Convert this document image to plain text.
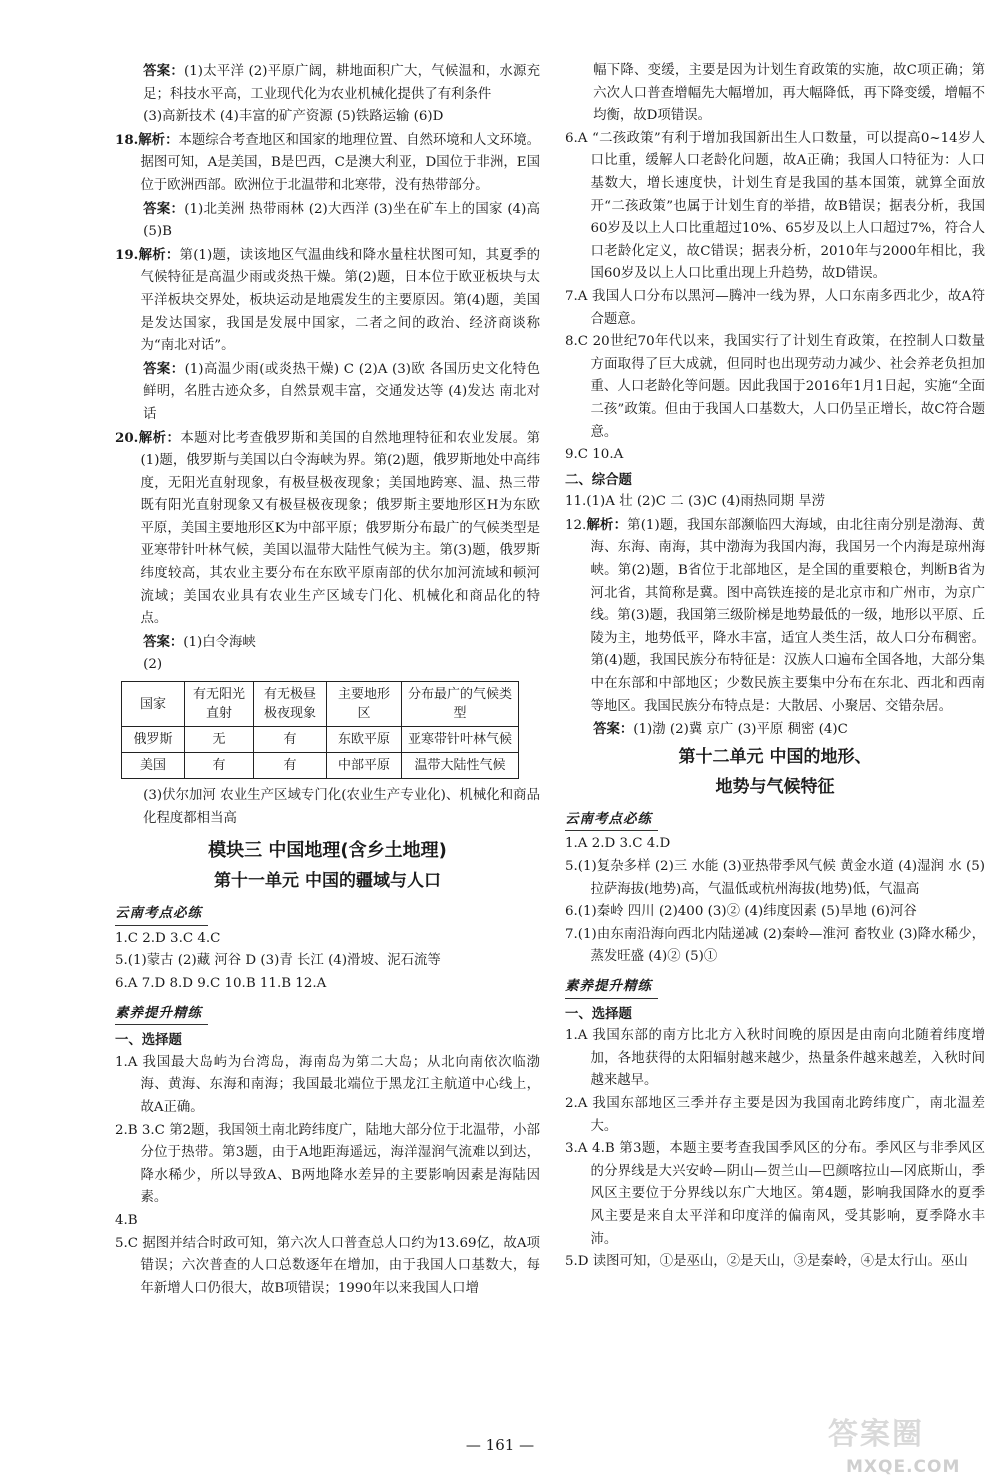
答案：(1)太平洋 (2)平原广阔，耕地面积广大，气候温和，水源充足；科技水平高，工业现代化为农业机械化提供了有利条件

(3)高新技术 (4)丰富的矿产资源 (5)铁路运输 (6)D

18.解析：本题综合考查地区和国家的地理位置、自然环境和人文环境。据图可知，A是美国，B是巴西，C是澳大利亚，D国位于非洲，E国位于欧洲西部。欧洲位于北温带和北寒带，没有热带部分。

答案：(1)北美洲 热带雨林 (2)大西洋 (3)坐在矿车上的国家 (4)高 (5)B

19.解析：第(1)题，读该地区气温曲线和降水量柱状图可知，其夏季的气候特征是高温少雨或炎热干燥。第(2)题，日本位于欧亚板块与太平洋板块交界处，板块运动是地震发生的主要原因。第(4)题，美国是发达国家，我国是发展中国家，二者之间的政治、经济商谈称为“南北对话”。

答案：(1)高温少雨(或炎热干燥) C (2)A (3)欧 各国历史文化特色鲜明，名胜古迹众多，自然景观丰富，交通发达等 (4)发达 南北对话

20.解析：本题对比考查俄罗斯和美国的自然地理特征和农业发展。第(1)题，俄罗斯与美国以白令海峡为界。第(2)题，俄罗斯地处中高纬度，无阳光直射现象，有极昼极夜现象；美国地跨寒、温、热三带既有阳光直射现象又有极昼极夜现象；俄罗斯主要地形区H为东欧平原，美国主要地形区K为中部平原；俄罗斯分布最广的气候类型是亚寒带针叶林气候，美国以温带大陆性气候为主。第(3)题，俄罗斯纬度较高，其农业主要分布在东欧平原南部的伏尔加河流域和顿河流域；美国农业具有农业生产区域专门化、机械化和商品化的特点。

答案：(1)白令海峡

(2)

国家	有无阳光直射	有无极昼极夜现象	主要地形区	分布最广的气候类型
俄罗斯	无	有	东欧平原	亚寒带针叶林气候
美国	有	有	中部平原	温带大陆性气候

(3)伏尔加河 农业生产区域专门化(农业生产专业化)、机械化和商品化程度都相当高

模块三 中国地理(含乡土地理)

第十一单元 中国的疆域与人口

云南考点必练

1.C 2.D 3.C 4.C

5.(1)蒙古 (2)藏 河谷 D (3)青 长江 (4)滑坡、泥石流等

6.A 7.D 8.D 9.C 10.B 11.B 12.A

素养提升精练

一、选择题

1.A 我国最大岛屿为台湾岛，海南岛为第二大岛；从北向南依次临渤海、黄海、东海和南海；我国最北端位于黑龙江主航道中心线上，故A正确。

2.B 3.C 第2题，我国领土南北跨纬度广，陆地大部分位于北温带，小部分位于热带。第3题，由于A地距海遥远，海洋湿润气流难以到达，降水稀少，所以导致A、B两地降水差异的主要影响因素是海陆因素。

4.B

5.C 据图并结合时政可知，第六次人口普查总人口约为13.69亿，故A项错误；六次普查的人口总数逐年在增加，由于我国人口基数大，每年新增人口仍很大，故B项错误；1990年以来我国人口增

幅下降、变缓，主要是因为计划生育政策的实施，故C项正确；第六次人口普查增幅先大幅增加，再大幅降低，再下降变缓，增幅不均衡，故D项错误。

6.A “二孩政策”有利于增加我国新出生人口数量，可以提高0~14岁人口比重，缓解人口老龄化问题，故A正确；我国人口特征为：人口基数大，增长速度快，计划生育是我国的基本国策，就算全面放开“二孩政策”也属于计划生育的举措，故B错误；据表分析，我国60岁及以上人口比重超过10%、65岁及以上人口超过7%，符合人口老龄化定义，故C错误；据表分析，2010年与2000年相比，我国60岁及以上人口比重出现上升趋势，故D错误。

7.A 我国人口分布以黑河—腾冲一线为界，人口东南多西北少，故A符合题意。

8.C 20世纪70年代以来，我国实行了计划生育政策，在控制人口数量方面取得了巨大成就，但同时也出现劳动力减少、社会养老负担加重、人口老龄化等问题。因此我国于2016年1月1日起，实施“全面二孩”政策。但由于我国人口基数大，人口仍呈正增长，故C符合题意。

9.C 10.A

二、综合题

11.(1)A 壮 (2)C 二 (3)C (4)雨热同期 旱涝

12.解析：第(1)题，我国东部濒临四大海域，由北往南分别是渤海、黄海、东海、南海，其中渤海为我国内海，我国另一个内海是琼州海峡。第(2)题，B省位于北部地区，是全国的重要粮仓，判断B省为河北省，其简称是冀。图中高铁连接的是北京市和广州市，为京广线。第(3)题，我国第三级阶梯是地势最低的一级，地形以平原、丘陵为主，地势低平，降水丰富，适宜人类生活，故人口分布稠密。第(4)题，我国民族分布特征是：汉族人口遍布全国各地，大部分集中在东部和中部地区；少数民族主要集中分布在东北、西北和西南等地区。我国民族分布特点是：大散居、小聚居、交错杂居。

答案：(1)渤 (2)冀 京广 (3)平原 稠密 (4)C

第十二单元 中国的地形、

地势与气候特征

云南考点必练

1.A 2.D 3.C 4.D

5.(1)复杂多样 (2)三 水能 (3)亚热带季风气候 黄金水道 (4)湿润 水 (5)拉萨海拔(地势)高，气温低或杭州海拔(地势)低，气温高

6.(1)秦岭 四川 (2)400 (3)② (4)纬度因素 (5)旱地 (6)河谷

7.(1)由东南沿海向西北内陆递减 (2)秦岭—淮河 畜牧业 (3)降水稀少，蒸发旺盛 (4)② (5)①

素养提升精练

一、选择题

1.A 我国东部的南方比北方入秋时间晚的原因是由南向北随着纬度增加，各地获得的太阳辐射越来越少，热量条件越来越差，入秋时间越来越早。

2.A 我国东部地区三季并存主要是因为我国南北跨纬度广，南北温差大。

3.A 4.B 第3题，本题主要考查我国季风区的分布。季风区与非季风区的分界线是大兴安岭—阴山—贺兰山—巴颜喀拉山—冈底斯山，季风区主要位于分界线以东广大地区。第4题，影响我国降水的夏季风主要是来自太平洋和印度洋的偏南风，受其影响，夏季降水丰沛。

5.D 读图可知，①是巫山，②是天山，③是秦岭，④是太行山。巫山

— 161 —	答案圈
MXQE.COM
